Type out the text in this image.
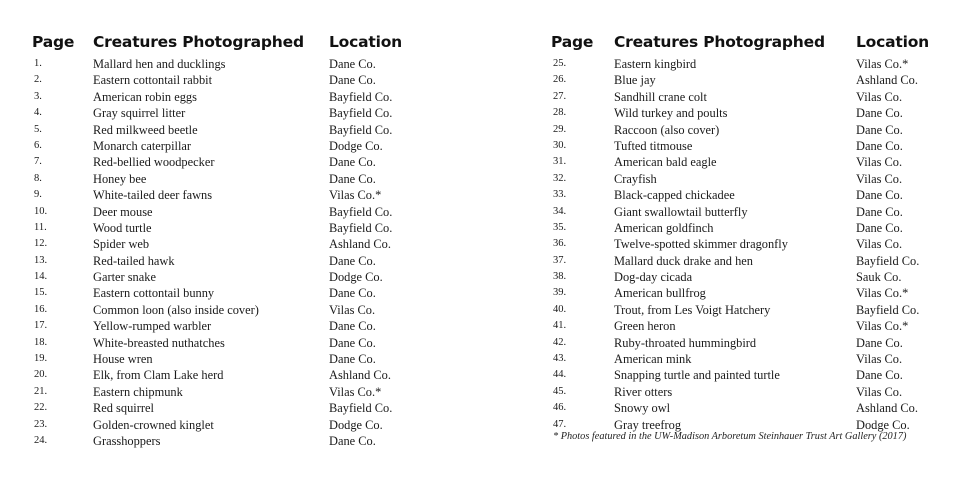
Page Creatures Photographed Location
1.	Mallard hen and ducklings	Dane Co.
2.	Eastern cottontail rabbit	Dane Co.
3.	American robin eggs	Bayfield Co.
4.	Gray squirrel litter	Bayfield Co.
5.	Red milkweed beetle	Bayfield Co.
6.	Monarch caterpillar	Dodge Co.
7.	Red-bellied woodpecker	Dane Co.
8.	Honey bee	Dane Co.
9.	White-tailed deer fawns	Vilas Co.*
10.	Deer mouse	Bayfield Co.
11.	Wood turtle	Bayfield Co.
12.	Spider web	Ashland Co.
13.	Red-tailed hawk	Dane Co.
14.	Garter snake	Dodge Co.
15.	Eastern cottontail bunny	Dane Co.
16.	Common loon (also inside cover)	Vilas Co.
17.	Yellow-rumped warbler	Dane Co.
18.	White-breasted nuthatches	Dane Co.
19.	House wren	Dane Co.
20.	Elk, from Clam Lake herd	Ashland Co.
21.	Eastern chipmunk	Vilas Co.*
22.	Red squirrel	Bayfield Co.
23.	Golden-crowned kinglet	Dodge Co.
24.	Grasshoppers	Dane Co.
Page Creatures Photographed Location
25.	Eastern kingbird	Vilas Co.*
26.	Blue jay	Ashland Co.
27.	Sandhill crane colt	Vilas Co.
28.	Wild turkey and poults	Dane Co.
29.	Raccoon (also cover)	Dane Co.
30.	Tufted titmouse	Dane Co.
31.	American bald eagle	Vilas Co.
32.	Crayfish	Vilas Co.
33.	Black-capped chickadee	Dane Co.
34.	Giant swallowtail butterfly	Dane Co.
35.	American goldfinch	Dane Co.
36.	Twelve-spotted skimmer dragonfly	Vilas Co.
37.	Mallard duck drake and hen	Bayfield Co.
38.	Dog-day cicada	Sauk Co.
39.	American bullfrog	Vilas Co.*
40.	Trout, from Les Voigt Hatchery	Bayfield Co.
41.	Green heron	Vilas Co.*
42.	Ruby-throated hummingbird	Dane Co.
43.	American mink	Vilas Co.
44.	Snapping turtle and painted turtle	Dane Co.
45.	River otters	Vilas Co.
46.	Snowy owl	Ashland Co.
47.	Gray treefrog	Dodge Co.
* Photos featured in the UW-Madison Arboretum Steinhauer Trust Art Gallery (2017)
